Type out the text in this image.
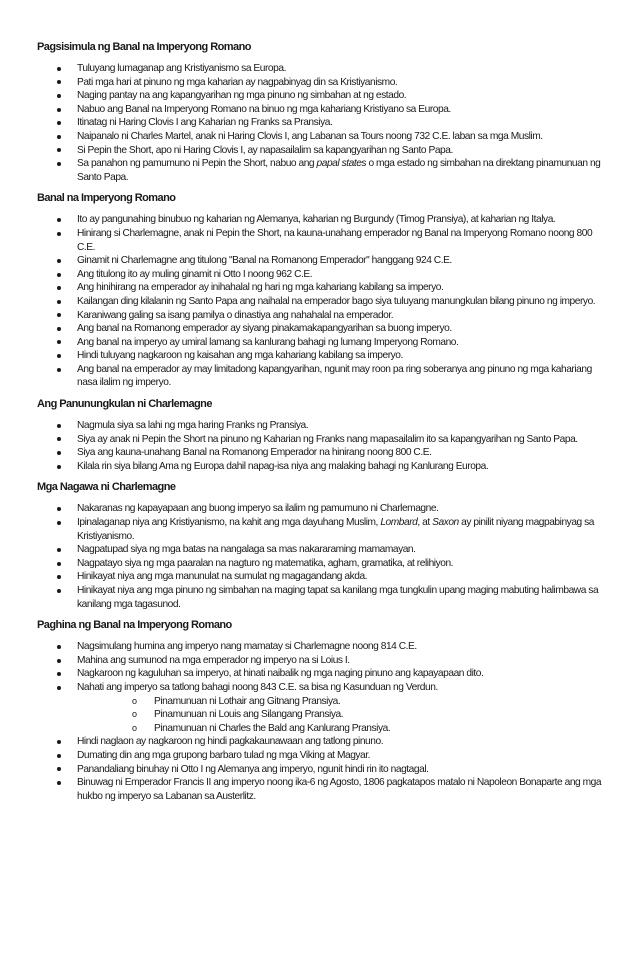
Pagsisimula ng Banal na Imperyong Romano
Tuluyang lumaganap ang Kristiyanismo sa Europa.
Pati mga hari at pinuno ng mga kaharian ay nagpabinyag din sa Kristiyanismo.
Naging pantay na ang kapangyarihan ng mga pinuno ng simbahan at ng estado.
Nabuo ang Banal na Imperyong Romano na binuo ng mga kahariang Kristiyano sa Europa.
Itinatag ni Haring Clovis I ang Kaharian ng Franks sa Pransiya.
Naipanalo ni Charles Martel, anak ni Haring Clovis I, ang Labanan sa Tours noong 732 C.E. laban sa mga Muslim.
Si Pepin the Short, apo ni Haring Clovis I, ay napasailalim sa kapangyarihan ng Santo Papa.
Sa panahon ng pamumuno ni Pepin the Short, nabuo ang papal states o mga estado ng simbahan na direktang pinamunuan ng Santo Papa.
Banal na Imperyong Romano
Ito ay pangunahing binubuo ng kaharian ng Alemanya, kaharian ng Burgundy (Timog Pransiya), at kaharian ng Italya.
Hinirang si Charlemagne, anak ni Pepin the Short, na kauna-unahang emperador ng Banal na Imperyong Romano noong 800 C.E.
Ginamit ni Charlemagne ang titulong "Banal na Romanong Emperador" hanggang 924 C.E.
Ang titulong ito ay muling ginamit ni Otto I noong 962 C.E.
Ang hinihirang na emperador ay inihahalal ng hari ng mga kahariang kabilang sa imperyo.
Kailangan ding kilalanin ng Santo Papa ang naihalal na emperador bago siya tuluyang manungkulan bilang pinuno ng imperyo.
Karaniwang galing sa isang pamilya o dinastiya ang nahahalal na emperador.
Ang banal na Romanong emperador ay siyang pinakamakapangyarihan sa buong imperyo.
Ang banal na imperyo ay umiral lamang sa kanlurang bahagi ng lumang Imperyong Romano.
Hindi tuluyang nagkaroon ng kaisahan ang mga kahariang kabilang sa imperyo.
Ang banal na emperador ay may limitadong kapangyarihan, ngunit may roon pa ring soberanya ang pinuno ng mga kahariang nasa ilalim ng imperyo.
Ang Panunungkulan ni Charlemagne
Nagmula siya sa lahi ng mga haring Franks ng Pransiya.
Siya ay anak ni Pepin the Short na pinuno ng Kaharian ng Franks nang mapasailalim ito sa kapangyarihan ng Santo Papa.
Siya ang kauna-unahang Banal na Romanong Emperador na hinirang noong 800 C.E.
Kilala rin siya bilang Ama ng Europa dahil napag-isa niya ang malaking bahagi ng Kanlurang Europa.
Mga Nagawa ni Charlemagne
Nakaranas ng kapayapaan ang buong imperyo sa ilalim ng pamumuno ni Charlemagne.
Ipinalaganap niya ang Kristiyanismo, na kahit ang mga dayuhang Muslim, Lombard, at Saxon ay pinilit niyang magpabinyag sa Kristiyanismo.
Nagpatupad siya ng mga batas na nangalaga sa mas nakararaming mamamayan.
Nagpatayo siya ng mga paaralan na nagturo ng matematika, agham, gramatika, at relihiyon.
Hinikayat niya ang mga manunulat na sumulat ng magagandang akda.
Hinikayat niya ang mga pinuno ng simbahan na maging tapat sa kanilang mga tungkulin upang maging mabuting halimbawa sa kanilang mga tagasunod.
Paghina ng Banal na Imperyong Romano
Nagsimulang humina ang imperyo nang mamatay si Charlemagne noong 814 C.E.
Mahina ang sumunod na mga emperador ng imperyo na si Loius I.
Nagkaroon ng kaguluhan sa imperyo, at hinati naibalik ng mga naging pinuno ang kapayapaan dito.
Nahati ang imperyo sa tatlong bahagi noong 843 C.E. sa bisa ng Kasunduan ng Verdun.
o Pinamunuan ni Lothair ang Gitnang Pransiya.
o Pinamunuan ni Louis ang Silangang Pransiya.
o Pinamunuan ni Charles the Bald ang Kanlurang Pransiya.
Hindi naglaon ay nagkaroon ng hindi pagkakaunawaan ang tatlong pinuno.
Dumating din ang mga grupong barbaro tulad ng mga Viking at Magyar.
Panandaliang binuhay ni Otto I ng Alemanya ang imperyo, ngunit hindi rin ito nagtagal.
Binuwag ni Emperador Francis II ang imperyo noong ika-6 ng Agosto, 1806 pagkatapos matalo ni Napoleon Bonaparte ang mga hukbo ng imperyo sa Labanan sa Austerlitz.
